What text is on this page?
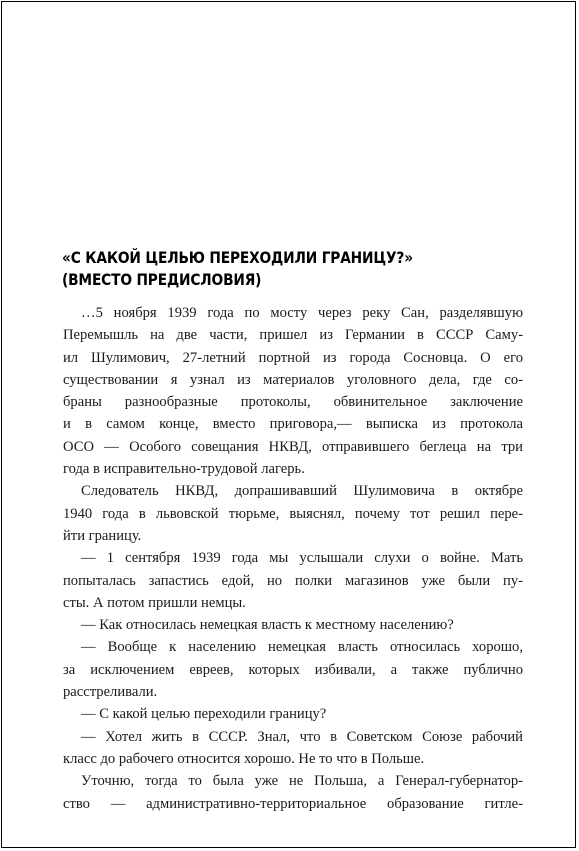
«С КАКОЙ ЦЕЛЬЮ ПЕРЕХОДИЛИ ГРАНИЦУ?»
(ВМЕСТО ПРЕДИСЛОВИЯ)
…5 ноября 1939 года по мосту через реку Сан, разделявшую
Перемышль на две части, пришел из Германии в СССР Саму-
ил Шулимович, 27-летний портной из города Сосновца. О его
существовании я узнал из материалов уголовного дела, где со-
браны разнообразные протоколы, обвинительное заключение
и в самом конце, вместо приговора,— выписка из протокола
ОСО — Особого совещания НКВД, отправившего беглеца на три
года в исправительно-трудовой лагерь.
Следователь НКВД, допрашивавший Шулимовича в октябре
1940 года в львовской тюрьме, выяснял, почему тот решил пере-
йти границу.
— 1 сентября 1939 года мы услышали слухи о войне. Мать
попыталась запастись едой, но полки магазинов уже были пу-
сты. А потом пришли немцы.
— Как относилась немецкая власть к местному населению?
— Вообще к населению немецкая власть относилась хорошо,
за исключением евреев, которых избивали, а также публично
расстреливали.
— С какой целью переходили границу?
— Хотел жить в СССР. Знал, что в Советском Союзе рабочий
класс до рабочего относится хорошо. Не то что в Польше.
Уточню, тогда то была уже не Польша, а Генерал-губернатор-
ство — административно-территориальное образование гитле-
